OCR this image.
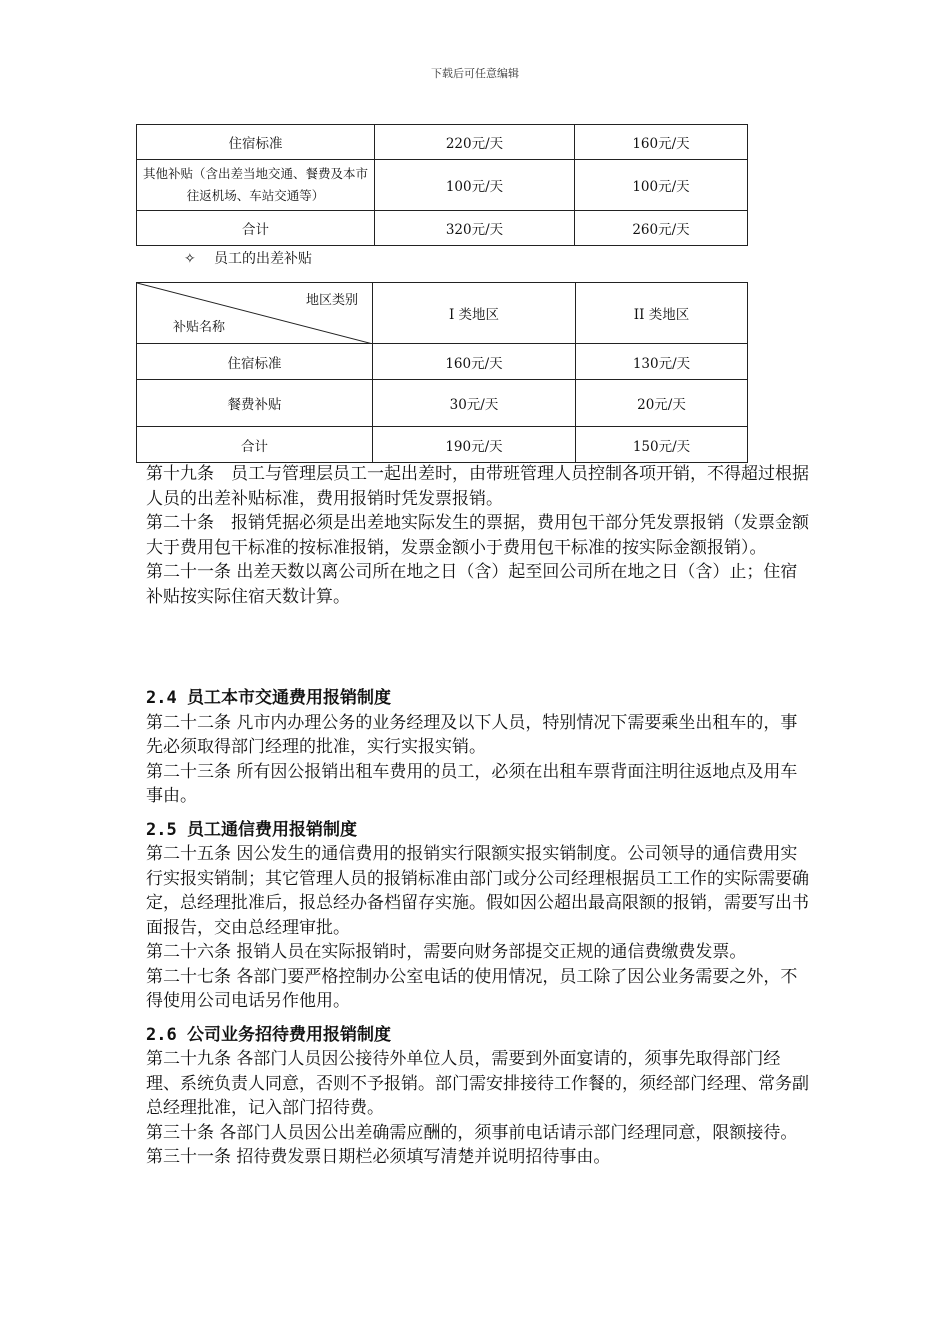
下载后可任意编辑
住宿标准	220元/天	160元/天
其他补贴（含出差当地交通、餐费及本市往返机场、车站交通等）	100元/天	100元/天
合计	320元/天	260元/天
✧ 员工的出差补贴
地区类别
补贴名称	I 类地区	II 类地区
住宿标准	160元/天	130元/天
餐费补贴	30元/天	20元/天
合计	190元/天	150元/天

第十九条　员工与管理层员工一起出差时，由带班管理人员控制各项开销，不得超过根据人员的出差补贴标准，费用报销时凭发票报销。

第二十条　报销凭据必须是出差地实际发生的票据，费用包干部分凭发票报销（发票金额大于费用包干标准的按标准报销，发票金额小于费用包干标准的按实际金额报销）。

第二十一条 出差天数以离公司所在地之日（含）起至回公司所在地之日（含）止；住宿补贴按实际住宿天数计算。

2.4 员工本市交通费用报销制度

第二十二条 凡市内办理公务的业务经理及以下人员，特别情况下需要乘坐出租车的，事先必须取得部门经理的批准，实行实报实销。

第二十三条 所有因公报销出租车费用的员工，必须在出租车票背面注明往返地点及用车事由。

2.5 员工通信费用报销制度

第二十五条 因公发生的通信费用的报销实行限额实报实销制度。公司领导的通信费用实行实报实销制；其它管理人员的报销标准由部门或分公司经理根据员工工作的实际需要确定，总经理批准后，报总经办备档留存实施。假如因公超出最高限额的报销，需要写出书面报告，交由总经理审批。

第二十六条 报销人员在实际报销时，需要向财务部提交正规的通信费缴费发票。

第二十七条 各部门要严格控制办公室电话的使用情况，员工除了因公业务需要之外，不得使用公司电话另作他用。

2.6 公司业务招待费用报销制度

第二十九条 各部门人员因公接待外单位人员，需要到外面宴请的，须事先取得部门经理、系统负责人同意，否则不予报销。部门需安排接待工作餐的，须经部门经理、常务副总经理批准，记入部门招待费。

第三十条 各部门人员因公出差确需应酬的，须事前电话请示部门经理同意，限额接待。

第三十一条 招待费发票日期栏必须填写清楚并说明招待事由。
